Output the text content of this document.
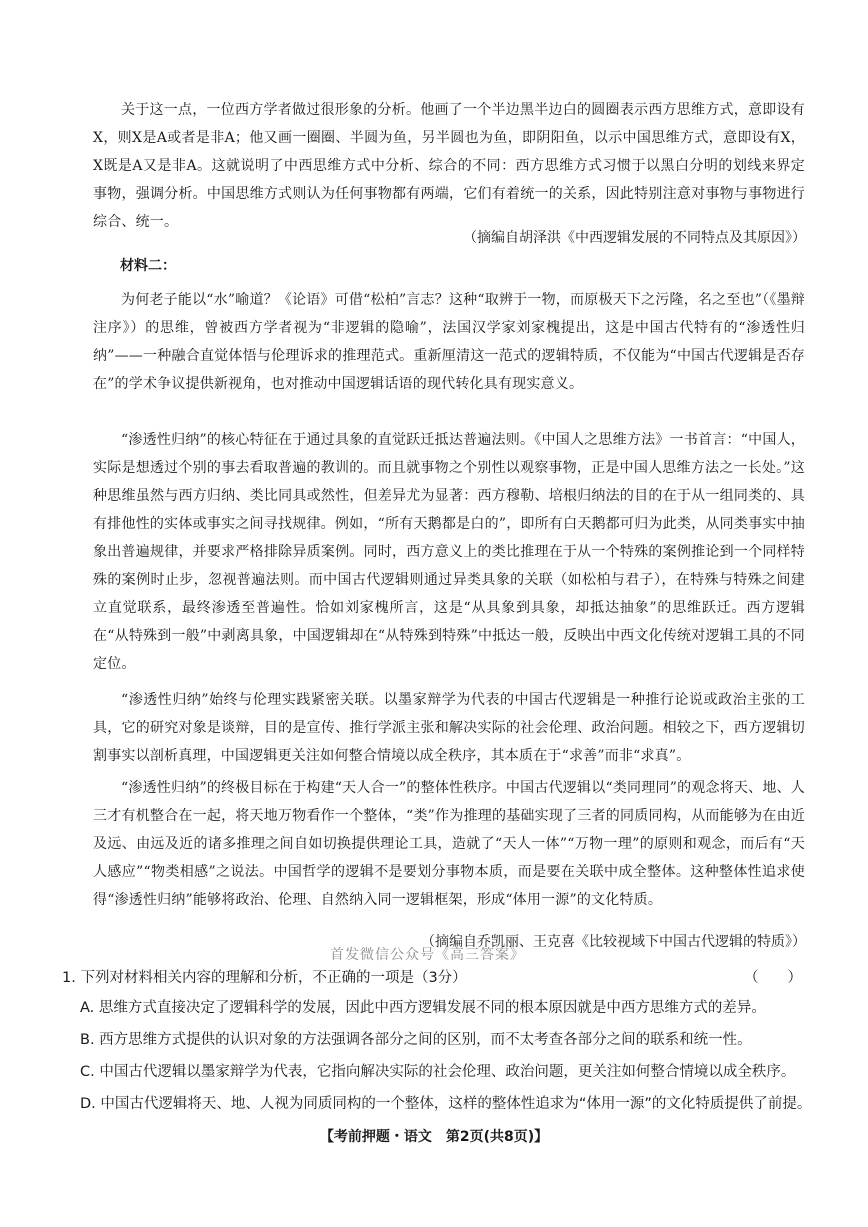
关于这一点，一位西方学者做过很形象的分析。他画了一个半边黑半边白的圆圈表示西方思维方式，意即设有X，则X是A或者是非A；他又画一圈圈、半圆为鱼，另半圆也为鱼，即阴阳鱼，以示中国思维方式，意即设有X，X既是A又是非A。这就说明了中西思维方式中分析、综合的不同：西方思维方式习惯于以黑白分明的划线来界定事物，强调分析。中国思维方式则认为任何事物都有两端，它们有着统一的关系，因此特别注意对事物与事物进行综合、统一。

（摘编自胡泽洪《中西逻辑发展的不同特点及其原因》）

材料二：

为何老子能以“水”喻道？《论语》可借“松柏”言志？这种“取辨于一物，而原极天下之污隆，名之至也”（《墨辩注序》）的思维，曾被西方学者视为“非逻辑的隐喻”，法国汉学家刘家槐提出，这是中国古代特有的“渗透性归纳”——一种融合直觉体悟与伦理诉求的推理范式。重新厘清这一范式的逻辑特质，不仅能为“中国古代逻辑是否存在”的学术争议提供新视角，也对推动中国逻辑话语的现代转化具有现实意义。

“渗透性归纳”的核心特征在于通过具象的直觉跃迁抵达普遍法则。《中国人之思维方法》一书首言：“中国人，实际是想透过个别的事去看取普遍的教训的。而且就事物之个别性以观察事物，正是中国人思维方法之一长处。”这种思维虽然与西方归纳、类比同具或然性，但差异尤为显著：西方穆勒、培根归纳法的目的在于从一组同类的、具有排他性的实体或事实之间寻找规律。例如，“所有天鹅都是白的”，即所有白天鹅都可归为此类，从同类事实中抽象出普遍规律，并要求严格排除异质案例。同时，西方意义上的类比推理在于从一个特殊的案例推论到一个同样特殊的案例时止步，忽视普遍法则。而中国古代逻辑则通过异类具象的关联（如松柏与君子），在特殊与特殊之间建立直觉联系，最终渗透至普遍性。恰如刘家槐所言，这是“从具象到具象，却抵达抽象”的思维跃迁。西方逻辑在“从特殊到一般”中剥离具象，中国逻辑却在“从特殊到特殊”中抵达一般，反映出中西文化传统对逻辑工具的不同定位。

“渗透性归纳”始终与伦理实践紧密关联。以墨家辩学为代表的中国古代逻辑是一种推行论说或政治主张的工具，它的研究对象是谈辩，目的是宣传、推行学派主张和解决实际的社会伦理、政治问题。相较之下，西方逻辑切割事实以剖析真理，中国逻辑更关注如何整合情境以成全秩序，其本质在于“求善”而非“求真”。

“渗透性归纳”的终极目标在于构建“天人合一”的整体性秩序。中国古代逻辑以“类同理同”的观念将天、地、人三才有机整合在一起，将天地万物看作一个整体，“类”作为推理的基础实现了三者的同质同构，从而能够为在由近及远、由远及近的诸多推理之间自如切换提供理论工具，造就了“天人一体”“万物一理”的原则和观念，而后有“天人感应”“物类相感”之说法。中国哲学的逻辑不是要划分事物本质，而是要在关联中成全整体。这种整体性追求使得“渗透性归纳”能够将政治、伦理、自然纳入同一逻辑框架，形成“体用一源”的文化特质。

（摘编自乔凯丽、王克喜《比较视域下中国古代逻辑的特质》）

首发微信公众号《高三答案》
1. 下列对材料相关内容的理解和分析，不正确的一项是（3分）	（　　）
A. 思维方式直接决定了逻辑科学的发展，因此中西方逻辑发展不同的根本原因就是中西方思维方式的差异。
B. 西方思维方式提供的认识对象的方法强调各部分之间的区别，而不太考查各部分之间的联系和统一性。
C. 中国古代逻辑以墨家辩学为代表，它指向解决实际的社会伦理、政治问题，更关注如何整合情境以成全秩序。
D. 中国古代逻辑将天、地、人视为同质同构的一个整体，这样的整体性追求为“体用一源”的文化特质提供了前提。
【考前押题・语文　第2页(共8页)】
